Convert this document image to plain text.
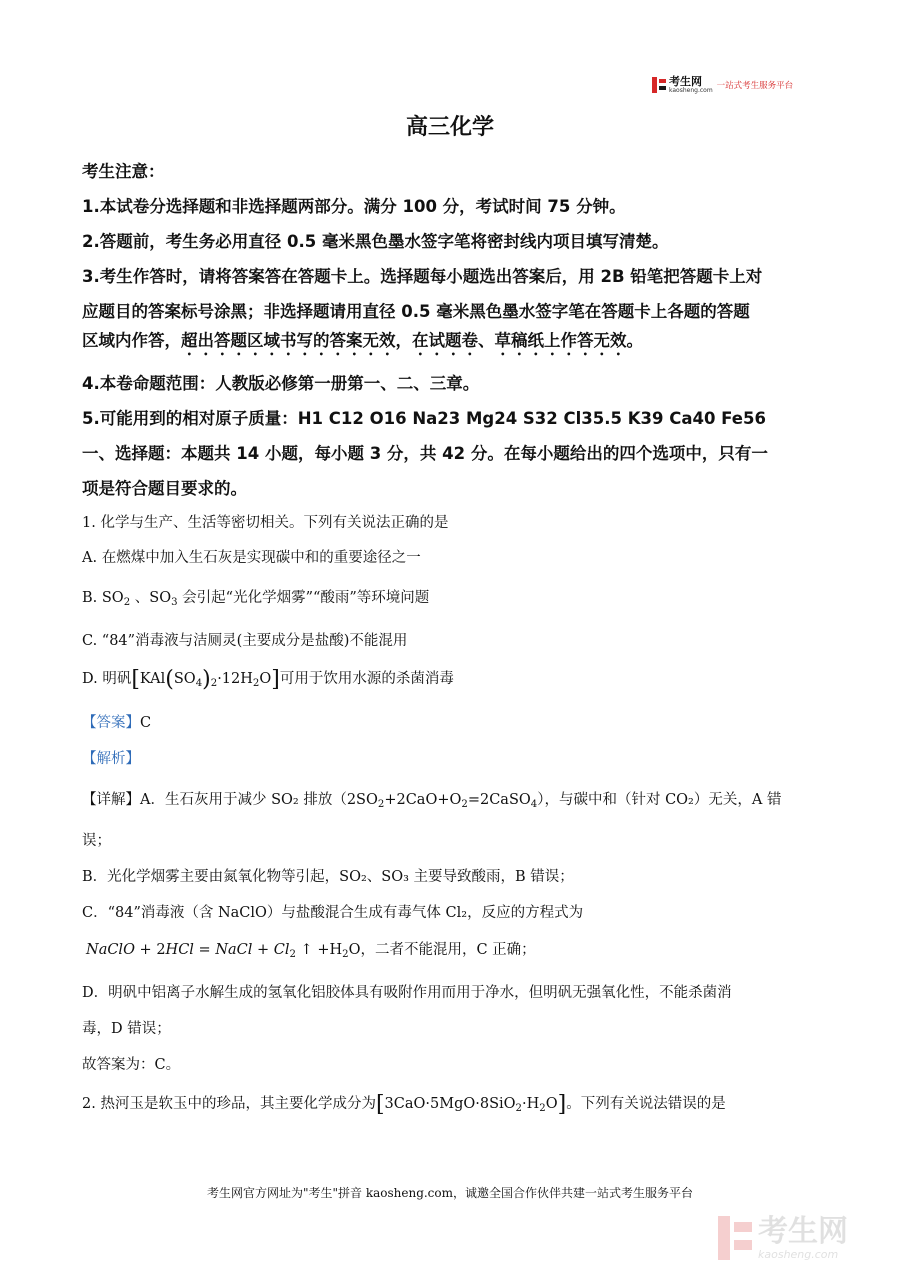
考生网
kaosheng.com 一站式考生服务平台
高三化学
考生注意：
1.本试卷分选择题和非选择题两部分。满分 100 分，考试时间 75 分钟。
2.答题前，考生务必用直径 0.5 毫米黑色墨水签字笔将密封线内项目填写清楚。
3.考生作答时，请将答案答在答题卡上。选择题每小题选出答案后，用 2B 铅笔把答题卡上对
应题目的答案标号涂黑；非选择题请用直径 0.5 毫米黑色墨水签字笔在答题卡上各题的答题
区域内作答，超出答题区域书写的答案无效，在试题卷、草稿纸上作答无效。
4.本卷命题范围：人教版必修第一册第一、二、三章。
5.可能用到的相对原子质量：H1 C12 O16 Na23 Mg24 S32 Cl35.5 K39 Ca40 Fe56
一、选择题：本题共 14 小题，每小题 3 分，共 42 分。在每小题给出的四个选项中，只有一
项是符合题目要求的。
1. 化学与生产、生活等密切相关。下列有关说法正确的是
A. 在燃煤中加入生石灰是实现碳中和的重要途径之一
B. $SO_2$ 、$SO_3$ 会引起“光化学烟雾”“酸雨”等环境问题
C. “84”消毒液与洁厕灵(主要成分是盐酸)不能混用
D. 明矾$[KAl(SO_4)_2\cdot 12H_2O]$可用于饮用水源的杀菌消毒
【答案】C
【解析】
【详解】A．生石灰用于减少 SO₂ 排放$(2SO_2+2CaO+O_2=2CaSO_4)$，与碳中和（针对 CO₂）无关，A 错
误；
B．光化学烟雾主要由氮氧化物等引起，SO₂、SO₃ 主要导致酸雨，B 错误；
C．“84”消毒液（含 NaClO）与盐酸混合生成有毒气体 Cl₂，反应的方程式为
NaClO + 2HCl = NaCl + $Cl_2$ ↑ $+H_2O$，二者不能混用，C 正确；
D．明矾中铝离子水解生成的氢氧化铝胶体具有吸附作用而用于净水，但明矾无强氧化性，不能杀菌消
毒，D 错误；
故答案为：C。
2. 热河玉是软玉中的珍品，其主要化学成分为$[3CaO\cdot 5MgO\cdot 8SiO_2\cdot H_2O]$。下列有关说法错误的是
考生网官方网址为"考生"拼音 kaosheng.com，诚邀全国合作伙伴共建一站式考生服务平台
考生网
kaosheng.com
